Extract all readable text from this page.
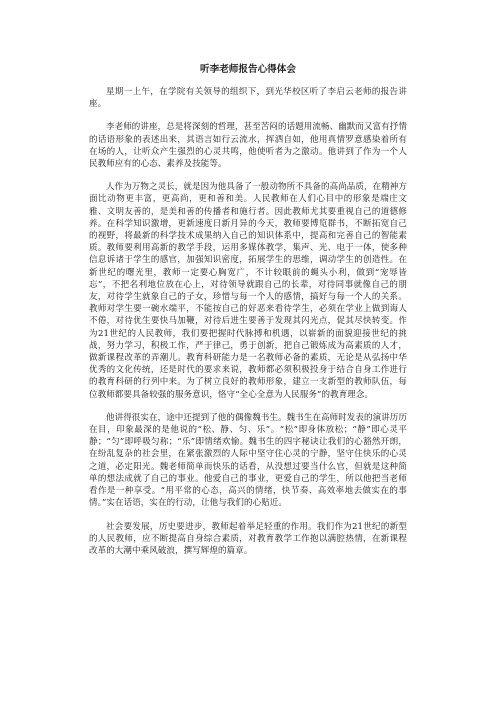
听李老师报告心得体会

星期一上午，在学院有关领导的组织下，到光华校区听了李启云老师的报告讲座。

李老师的讲座，总是将深刻的哲理，甚至苦闷的话题用流畅、幽默而又富有抒情的话语形象的表述出来，其语言如行云流水，挥洒自如，他用真情罗意感染着所有在场的人，让听众产生强烈的心灵共鸣，他使听者为之激动。他讲到了作为一个人民教师应有的心态、素养及技能等。

人作为万物之灵长，就是因为他具备了一般动物所不具备的高尚品质，在精神方面比动物更丰富，更高尚，更和善和美。人民教师在人们心目中的形象是端庄文雅、文明友善的，是美和善的传播者和施行者。因此教师尤其要重视自己的道德修养。在科学知识激增，更新速度日新月异的今天，教师要博览群书，不断拓宽自己的视野，将最新的科学技术成果纳入自己的知识体系中，提高和完善自己的智能素质。教师要利用高新的教学手段，运用多媒体教学，集声、光、电于一体，使多种信息诉诸于学生的感官，加强知识密度，拓展学生的思维，调动学生的创造性。在新世纪的曙光里，教师一定要心胸宽广，不计较眼前的蝇头小利，做到“宠辱皆忘”，不把名利地位放在心上，对待领导就跟自己的长辈，对待同事就像自己的朋友，对待学生就象自己的子女，珍惜与每一个人的感情，搞好与每一个人的关系。教师对学生要一碗水端平，不能按自己的好恶来看待学生，必须在学业上做到诲人不倦，对待优生要快马加鞭，对待后进生要善于发现其闪光点，促其尽快转变。作为21世纪的人民教师，我们要把握时代脉搏和机遇，以崭新的面貌迎接世纪的挑战，努力学习，积极工作，严于律己，勇于创新，把自己锻炼成为高素质的人才，做新课程改革的弄潮儿。教育科研能力是一名教师必备的素质，无论是从弘扬中华优秀的文化传统，还是时代的要求来说，教师都必须积极投身于结合自身工作进行的教育科研的行列中来。为了树立良好的教师形象，建立一支新型的教师队伍，每位教师都要具备较强的服务意识，恪守“全心全意为人民服务”的教育理念。

他讲得很实在，途中还提到了他的偶像魏书生。魏书生在高师时发表的演讲历历在目，印象最深的是他说的“松、静、匀、乐”。“松”即身体放松；“静”即心灵平静；“匀”即呼吸匀称；“乐”即情绪欢愉。魏书生的四字秘诀让我们的心豁然开朗，在纷乱复杂的社会里，在紧张激烈的人际中坚守住心灵的宁静，坚守住快乐的心灵之道，必定阳光。魏老师简单而快乐的话看，从没想过要当什么官，但就是这种简单的想法成就了自己的事业。他爱自己的事业，更爱自己的学生，所以他把当老师看作是一种享受。“用平常的心态，高兴的情绪，快节奏、高效率地去做实在的事情。”实在话语，实在的行动，让他与我们的心贴近。

社会要发展，历史要进步，教师起着举足轻重的作用。我们作为21世纪的新型的人民教师，应不断提高自身综合素质，对教育教学工作抱以满腔热情，在新课程改革的大潮中乘风破浪，撰写辉煌的篇章。
